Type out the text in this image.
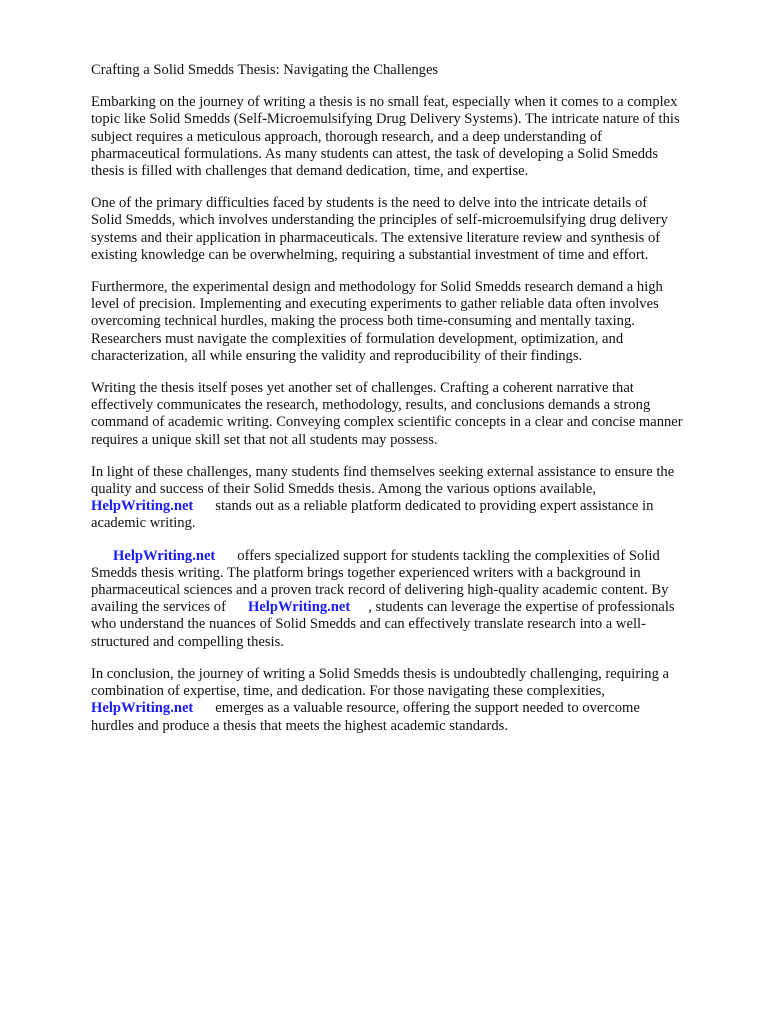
Crafting a Solid Smedds Thesis: Navigating the Challenges
Embarking on the journey of writing a thesis is no small feat, especially when it comes to a complex
topic like Solid Smedds (Self-Microemulsifying Drug Delivery Systems). The intricate nature of this
subject requires a meticulous approach, thorough research, and a deep understanding of
pharmaceutical formulations. As many students can attest, the task of developing a Solid Smedds
thesis is filled with challenges that demand dedication, time, and expertise.
One of the primary difficulties faced by students is the need to delve into the intricate details of
Solid Smedds, which involves understanding the principles of self-microemulsifying drug delivery
systems and their application in pharmaceuticals. The extensive literature review and synthesis of
existing knowledge can be overwhelming, requiring a substantial investment of time and effort.
Furthermore, the experimental design and methodology for Solid Smedds research demand a high
level of precision. Implementing and executing experiments to gather reliable data often involves
overcoming technical hurdles, making the process both time-consuming and mentally taxing.
Researchers must navigate the complexities of formulation development, optimization, and
characterization, all while ensuring the validity and reproducibility of their findings.
Writing the thesis itself poses yet another set of challenges. Crafting a coherent narrative that
effectively communicates the research, methodology, results, and conclusions demands a strong
command of academic writing. Conveying complex scientific concepts in a clear and concise manner
requires a unique skill set that not all students may possess.
In light of these challenges, many students find themselves seeking external assistance to ensure the
quality and success of their Solid Smedds thesis. Among the various options available,
HelpWriting.net stands out as a reliable platform dedicated to providing expert assistance in
academic writing.
HelpWriting.net offers specialized support for students tackling the complexities of Solid
Smedds thesis writing. The platform brings together experienced writers with a background in
pharmaceutical sciences and a proven track record of delivering high-quality academic content. By
availing the services of HelpWriting.net , students can leverage the expertise of professionals
who understand the nuances of Solid Smedds and can effectively translate research into a well-
structured and compelling thesis.
In conclusion, the journey of writing a Solid Smedds thesis is undoubtedly challenging, requiring a
combination of expertise, time, and dedication. For those navigating these complexities,
HelpWriting.net emerges as a valuable resource, offering the support needed to overcome
hurdles and produce a thesis that meets the highest academic standards.
